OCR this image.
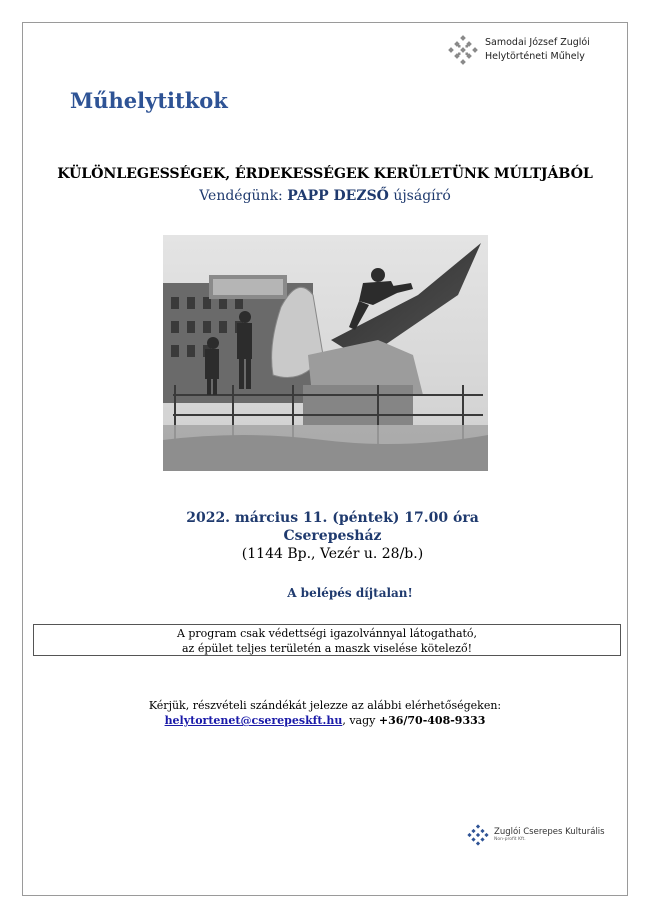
Samodai József Zuglói
Helytörténeti Műhely
Műhelytitkok
KÜLÖNLEGESSÉGEK, ÉRDEKESSÉGEK KERÜLETÜNK MÚLTJÁBÓL
Vendégünk: PAPP DEZSŐ újságíró
2022. március 11. (péntek) 17.00 óra
Cserepesház
(1144 Bp., Vezér u. 28/b.)
A belépés díjtalan!
A program csak védettségi igazolvánnyal látogatható,
az épület teljes területén a maszk viselése kötelező!
Kérjük, részvételi szándékát jelezze az alábbi elérhetőségeken:
helytortenet@cserepeskft.hu, vagy +36/70-408-9333
Zuglói Cserepes Kulturális
Non-profit Kft.
